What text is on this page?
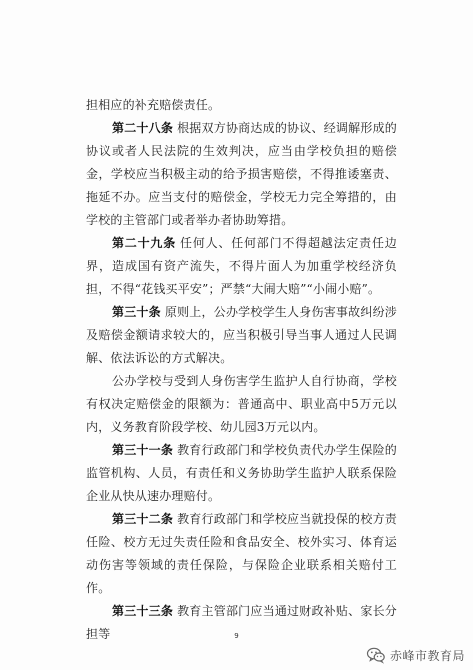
担相应的补充赔偿责任。

第二十八条 根据双方协商达成的协议、经调解形成的协议或者人民法院的生效判决，应当由学校负担的赔偿金，学校应当积极主动的给予损害赔偿，不得推诿塞责、拖延不办。应当支付的赔偿金，学校无力完全筹措的，由学校的主管部门或者举办者协助筹措。

第二十九条 任何人、任何部门不得超越法定责任边界，造成国有资产流失，不得片面人为加重学校经济负担，不得“花钱买平安”；严禁“大闹大赔”“小闹小赔”。

第三十条 原则上，公办学校学生人身伤害事故纠纷涉及赔偿金额请求较大的，应当积极引导当事人通过人民调解、依法诉讼的方式解决。

公办学校与受到人身伤害学生监护人自行协商，学校有权决定赔偿金的限额为：普通高中、职业高中5万元以内，义务教育阶段学校、幼儿园3万元以内。

第三十一条 教育行政部门和学校负责代办学生保险的监管机构、人员，有责任和义务协助学生监护人联系保险企业从快从速办理赔付。

第三十二条 教育行政部门和学校应当就投保的校方责任险、校方无过失责任险和食品安全、校外实习、体育运动伤害等领域的责任保险，与保险企业联系相关赔付工作。

第三十三条 教育主管部门应当通过财政补贴、家长分担等	9
赤峰市教育局
